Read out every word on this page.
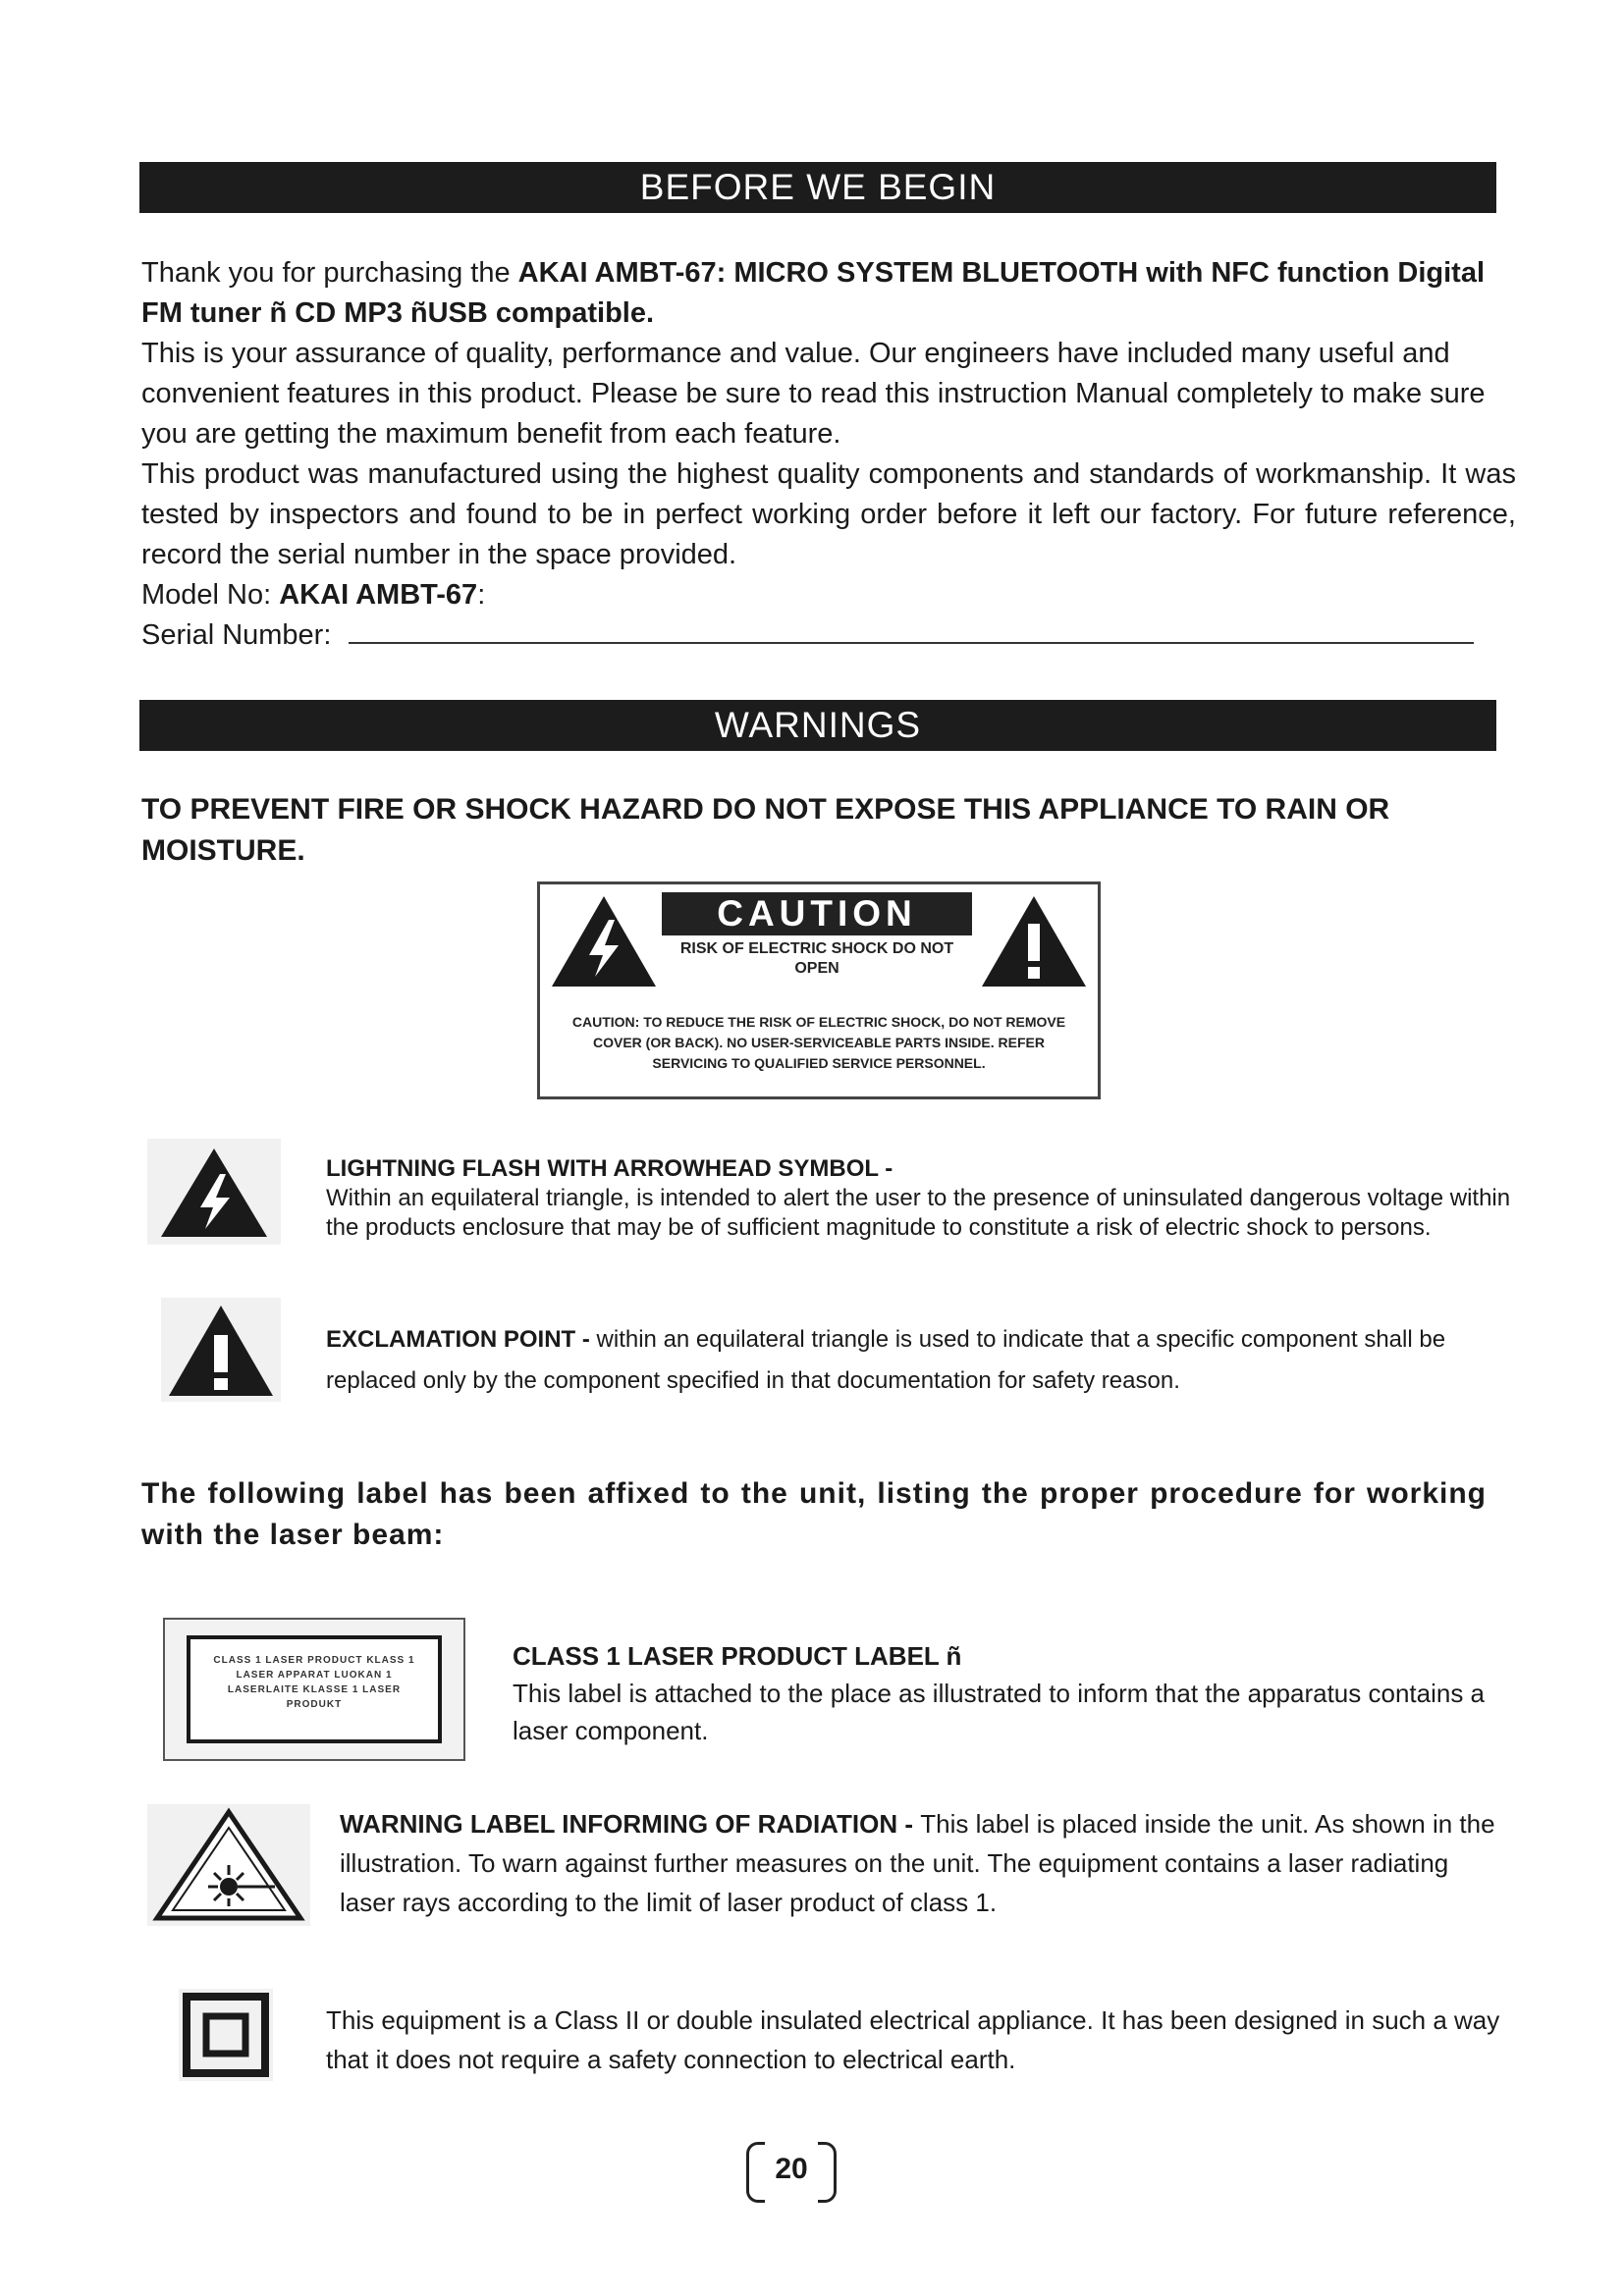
BEFORE WE BEGIN

Thank you for purchasing the AKAI AMBT-67: MICRO SYSTEM BLUETOOTH with NFC function Digital FM tuner ñ CD MP3 ñUSB compatible.

This is your assurance of quality, performance and value. Our engineers have included many useful and convenient features in this product. Please be sure to read this instruction Manual completely to make sure you are getting the maximum benefit from each feature.

This product was manufactured using the highest quality components and standards of workmanship. It was tested by inspectors and found to be in perfect working order before it left our factory. For future reference, record the serial number in the space provided.

Model No: AKAI AMBT-67:

Serial Number:

WARNINGS

TO PREVENT FIRE OR SHOCK HAZARD DO NOT EXPOSE THIS APPLIANCE TO RAIN OR MOISTURE.

CAUTION
RISK OF ELECTRIC SHOCK DO NOT OPEN
CAUTION: TO REDUCE THE RISK OF ELECTRIC SHOCK, DO NOT REMOVE COVER (OR BACK). NO USER-SERVICEABLE PARTS INSIDE. REFER SERVICING TO QUALIFIED SERVICE PERSONNEL.

LIGHTNING FLASH WITH ARROWHEAD SYMBOL -

Within an equilateral triangle, is intended to alert the user to the presence of uninsulated dangerous voltage within the products enclosure that may be of sufficient magnitude to constitute a risk of electric shock to persons.

EXCLAMATION POINT - within an equilateral triangle is used to indicate that a specific component shall be replaced only by the component specified in that documentation for safety reason.

The following label has been affixed to the unit, listing the proper procedure for working with the laser beam:

CLASS 1 LASER PRODUCT KLASS 1 LASER APPARAT LUOKAN 1 LASERLAITE KLASSE 1 LASER PRODUKT

CLASS 1 LASER PRODUCT LABEL ñ

This label is attached to the place as illustrated to inform that the apparatus contains a laser component.

WARNING LABEL INFORMING OF RADIATION - This label is placed inside the unit. As shown in the illustration. To warn against further measures on the unit. The equipment contains a laser radiating laser rays according to the limit of laser product of class 1.

This equipment is a Class II or double insulated electrical appliance. It has been designed in such a way that it does not require a safety connection to electrical earth.

20
